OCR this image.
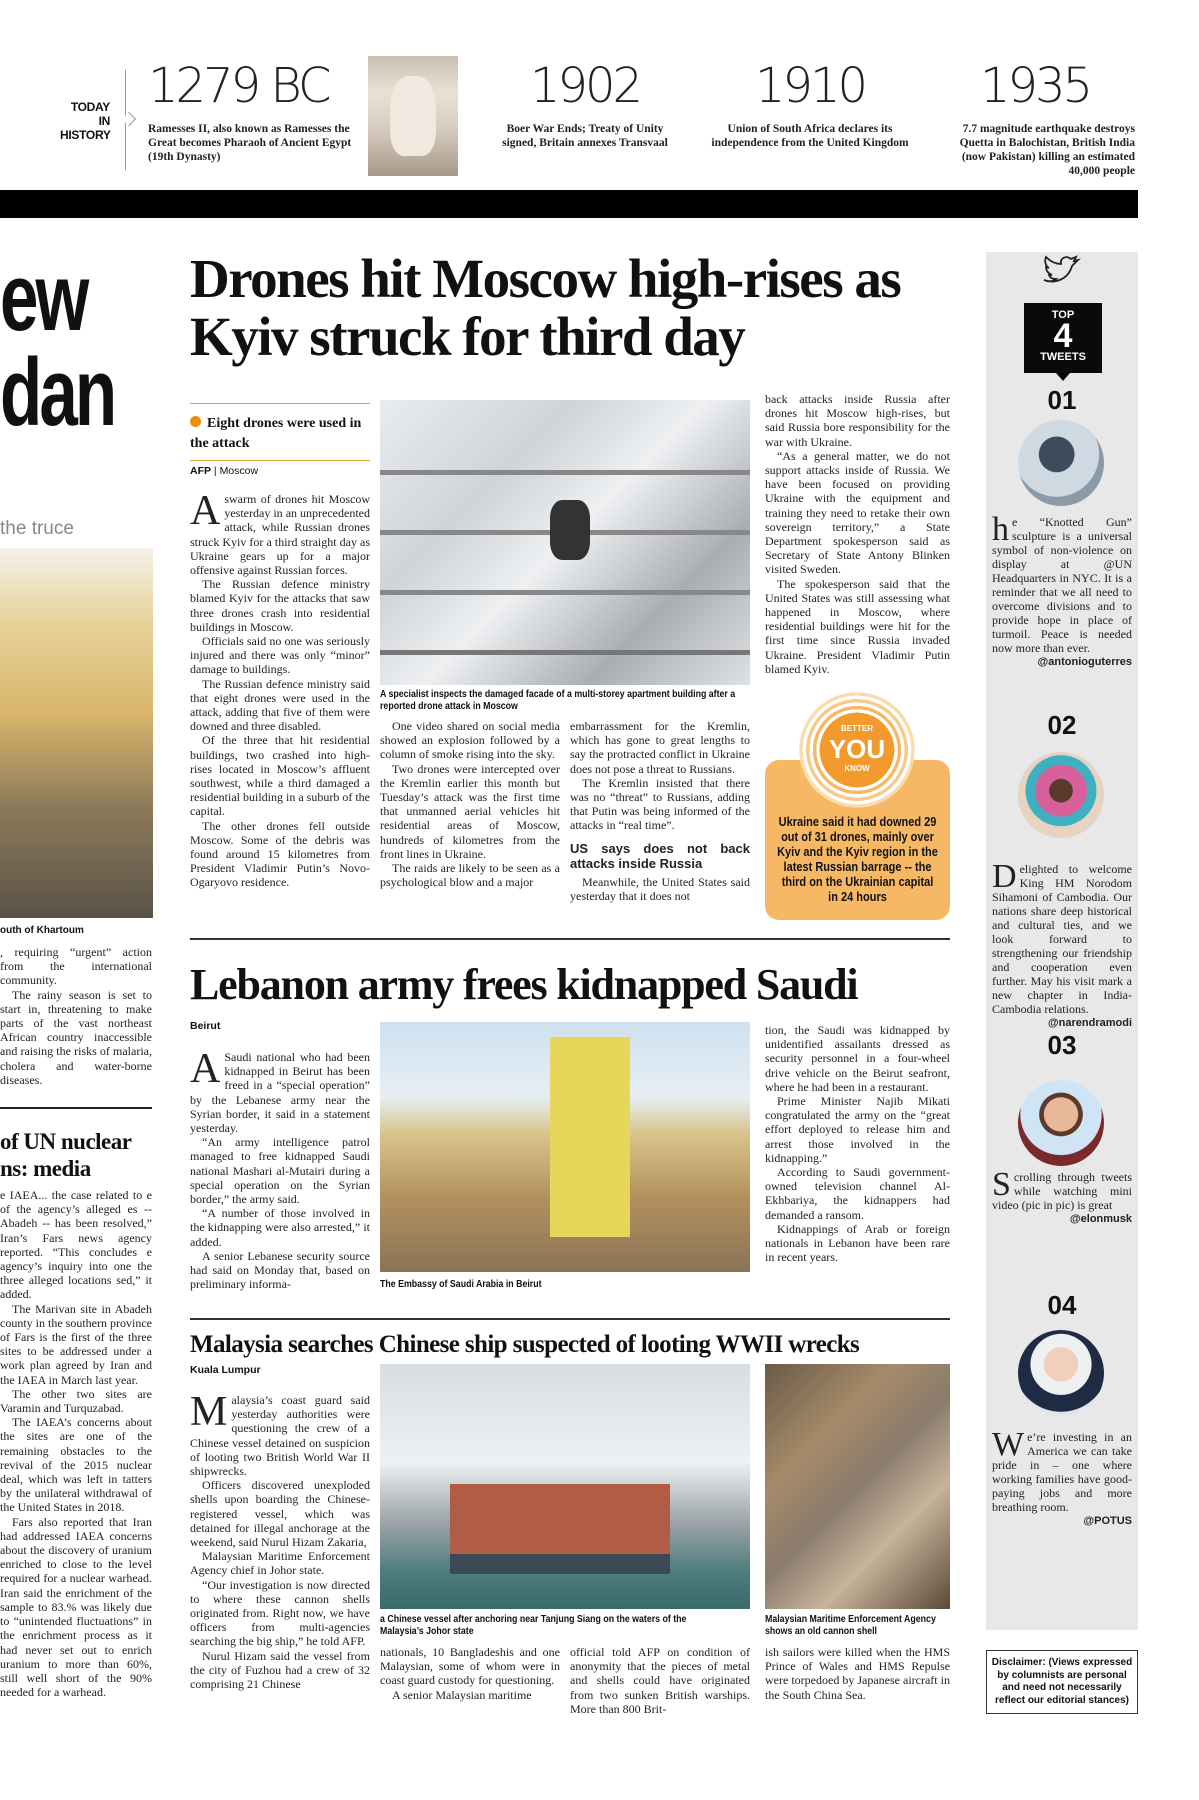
TODAY
IN
HISTORY
1279 BC
Ramesses II, also known as Ramesses the Great becomes Pharaoh of Ancient Egypt (19th Dynasty)
1902
Boer War Ends; Treaty of Unity signed, Britain annexes Transvaal
1910
Union of South Africa declares its independence from the United Kingdom
1935
7.7 magnitude earthquake destroys Quetta in Balochistan, British India (now Pakistan) killing an estimated 40,000 people
ew
dan
the truce
outh of Khartoum

, requiring “urgent” action from the international community.

The rainy season is set to start in, threatening to make parts of the vast northeast African country inaccessible and raising the risks of malaria, cholera and water-borne diseases.

of UN nuclear
ns: media

e IAEA... the case related to e of the agency’s alleged es -- Abadeh -- has been resolved,” Iran’s Fars news agency reported. “This concludes e agency’s inquiry into one the three alleged locations sed,” it added.

The Marivan site in Abadeh county in the southern province of Fars is the first of the three sites to be addressed under a work plan agreed by Iran and the IAEA in March last year.

The other two sites are Varamin and Turquzabad.

The IAEA’s concerns about the sites are one of the remaining obstacles to the revival of the 2015 nuclear deal, which was left in tatters by the unilateral withdrawal of the United States in 2018.

Fars also reported that Iran had addressed IAEA concerns about the discovery of uranium enriched to close to the level required for a nuclear warhead. Iran said the enrichment of the sample to 83.% was likely due to “unintended fluctuations” in the enrichment process as it had never set out to enrich uranium to more than 60%, still well short of the 90% needed for a warhead.

Drones hit Moscow high-rises as Kyiv struck for third day
Eight drones were used in the attack
AFP | Moscow

A swarm of drones hit Moscow yesterday in an unprecedented attack, while Russian drones struck Kyiv for a third straight day as Ukraine gears up for a major offensive against Russian forces.

The Russian defence ministry blamed Kyiv for the attacks that saw three drones crash into residential buildings in Moscow.

Officials said no one was seriously injured and there was only “minor” damage to buildings.

The Russian defence ministry said that eight drones were used in the attack, adding that five of them were downed and three disabled.

Of the three that hit residential buildings, two crashed into high-rises located in Moscow’s affluent southwest, while a third damaged a residential building in a suburb of the capital.

The other drones fell outside Moscow. Some of the debris was found around 15 kilometres from President Vladimir Putin’s Novo-Ogaryovo residence.

A specialist inspects the damaged facade of a multi-storey apartment building after a reported drone attack in Moscow

One video shared on social media showed an explosion followed by a column of smoke rising into the sky.

Two drones were intercepted over the Kremlin earlier this month but Tuesday’s attack was the first time that unmanned aerial vehicles hit residential areas of Moscow, hundreds of kilometres from the front lines in Ukraine.

The raids are likely to be seen as a psychological blow and a major

embarrassment for the Kremlin, which has gone to great lengths to say the protracted conflict in Ukraine does not pose a threat to Russians.

The Kremlin insisted that there was no “threat” to Russians, adding that Putin was being informed of the attacks in “real time”.

US says does not back attacks inside Russia

Meanwhile, the United States said yesterday that it does not

back attacks inside Russia after drones hit Moscow high-rises, but said Russia bore responsibility for the war with Ukraine.

“As a general matter, we do not support attacks inside of Russia. We have been focused on providing Ukraine with the equipment and training they need to retake their own sovereign territory,” a State Department spokesperson said as Secretary of State Antony Blinken visited Sweden.

The spokesperson said that the United States was still assessing what happened in Moscow, where residential buildings were hit for the first time since Russia invaded Ukraine. President Vladimir Putin blamed Kyiv.

BETTER
YOU
KNOW
Ukraine said it had downed 29 out of 31 drones, mainly over Kyiv and the Kyiv region in the latest Russian barrage -- the third on the Ukrainian capital in 24 hours
Lebanon army frees kidnapped Saudi
Beirut

A Saudi national who had been kidnapped in Beirut has been freed in a “special operation” by the Lebanese army near the Syrian border, it said in a statement yesterday.

“An army intelligence patrol managed to free kidnapped Saudi national Mashari al-Mutairi during a special operation on the Syrian border,” the army said.

“A number of those involved in the kidnapping were also arrested,” it added.

A senior Lebanese security source had said on Monday that, based on preliminary informa-	The Embassy of Saudi Arabia in Beirut

tion, the Saudi was kidnapped by unidentified assailants dressed as security personnel in a four-wheel drive vehicle on the Beirut seafront, where he had been in a restaurant.

Prime Minister Najib Mikati congratulated the army on the “great effort deployed to release him and arrest those involved in the kidnapping.”

According to Saudi government-owned television channel Al-Ekhbariya, the kidnappers had demanded a ransom.

Kidnappings of Arab or foreign nationals in Lebanon have been rare in recent years.

Malaysia searches Chinese ship suspected of looting WWII wrecks
Kuala Lumpur

Malaysia’s coast guard said yesterday authorities were questioning the crew of a Chinese vessel detained on suspicion of looting two British World War II shipwrecks.

Officers discovered unexploded shells upon boarding the Chinese-registered vessel, which was detained for illegal anchorage at the weekend, said Nurul Hizam Zakaria,

Malaysian Maritime Enforcement Agency chief in Johor state.

“Our investigation is now directed to where these cannon shells originated from. Right now, we have officers from multi-agencies searching the big ship,” he told AFP.

Nurul Hizam said the vessel from the city of Fuzhou had a crew of 32 comprising 21 Chinese

a Chinese vessel after anchoring near Tanjung Siang on the waters of the Malaysia’s Johor state
Malaysian Maritime Enforcement Agency shows an old cannon shell

nationals, 10 Bangladeshis and one Malaysian, some of whom were in coast guard custody for questioning.

A senior Malaysian maritime

official told AFP on condition of anonymity that the pieces of metal and shells could have originated from two sunken British warships. More than 800 Brit-

ish sailors were killed when the HMS Prince of Wales and HMS Repulse were torpedoed by Japanese aircraft in the South China Sea.

TOP
4
TWEETS
01
he “Knotted Gun” sculpture is a universal symbol of non-violence on display at @UN Headquarters in NYC. It is a reminder that we all need to overcome divisions and to provide hope in place of turmoil. Peace is needed now more than ever.
@antonioguterres
02
Delighted to welcome King HM Norodom Sihamoni of Cambodia. Our nations share deep historical and cultural ties, and we look forward to strengthening our friendship and cooperation even further. May his visit mark a new chapter in India-Cambodia relations.
@narendramodi
03
Scrolling through tweets while watching mini video (pic in pic) is great
@elonmusk
04
We’re investing in an America we can take pride in – one where working families have good-paying jobs and more breathing room.
@POTUS
Disclaimer: (Views expressed by columnists are personal and need not necessarily reflect our editorial stances)
